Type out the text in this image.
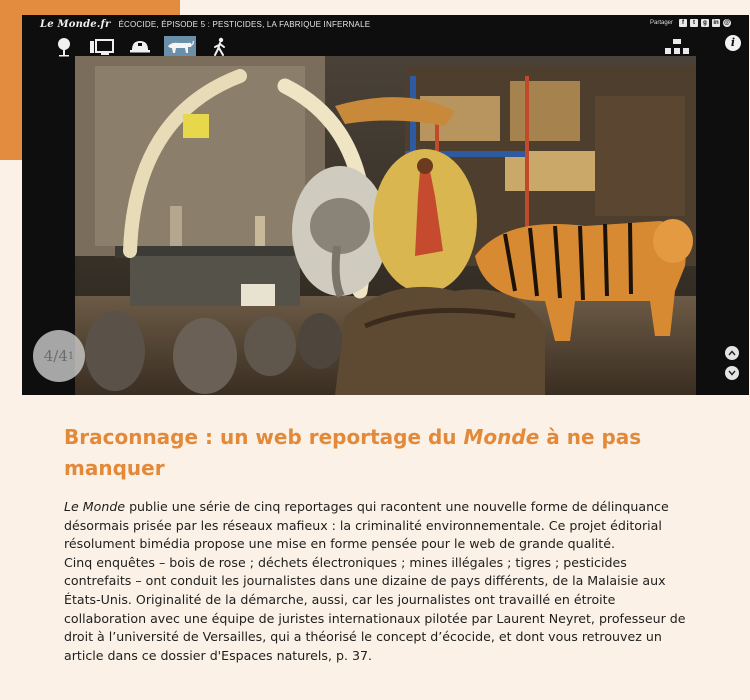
Le Monde.fr ÉCOCIDE, ÉPISODE 5 : PESTICIDES, LA FABRIQUE INFERNALE	Partager	f	t	g	in @
i
4/4 1
Braconnage : un web reportage du Monde à ne pas manquer

Le Monde publie une série de cinq reportages qui racontent une nouvelle forme de délinquance désormais prisée par les réseaux mafieux : la criminalité environnementale. Ce projet éditorial résolument bimédia propose une mise en forme pensée pour le web de grande qualité.

Cinq enquêtes – bois de rose ; déchets électroniques ; mines illégales ; tigres ; pesticides contrefaits – ont conduit les journalistes dans une dizaine de pays différents, de la Malaisie aux États-Unis. Originalité de la démarche, aussi, car les journalistes ont travaillé en étroite collaboration avec une équipe de juristes internationaux pilotée par Laurent Neyret, professeur de droit à l’université de Versailles, qui a théorisé le concept d’écocide, et dont vous retrouvez un article dans ce dossier d'Espaces naturels, p. 37.
